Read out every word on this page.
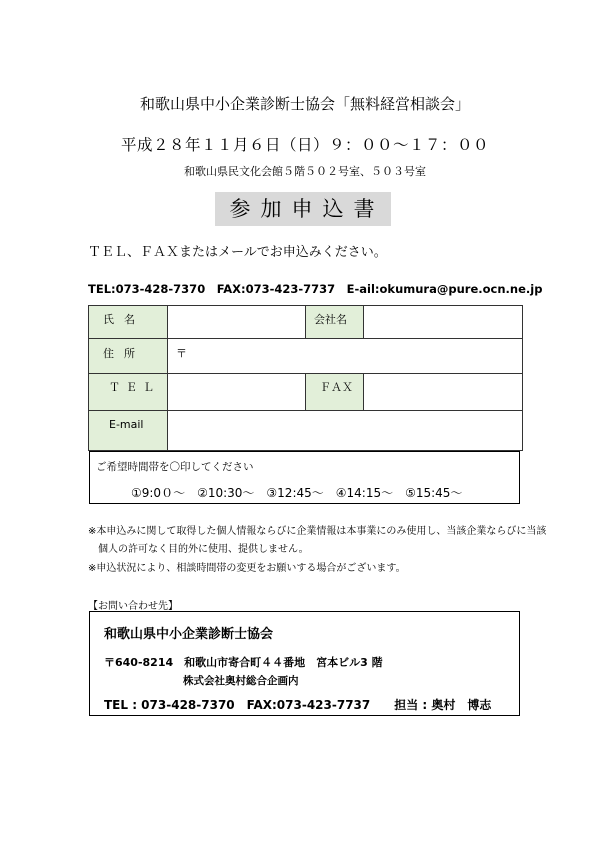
和歌山県中小企業診断士協会「無料経営相談会」
平成２８年１１月６日（日）９：００～１７：００
和歌山県民文化会館５階５０２号室、５０３号室
参加申込書
ＴＥＬ、ＦＡＸまたはメールでお申込みください。
TEL:073-428-7370　FAX:073-423-7737　E-ail:okumura@pure.ocn.ne.jp
氏名		会社名	
住所	〒		
ＴＥＬ		ＦＡＸ	
E-mail			
ご希望時間帯を〇印してください
①9:0０～　②10:30～　③12:45～　④14:15～　⑤15:45～
※本申込みに関して取得した個人情報ならびに企業情報は本事業にのみ使用し、当該企業ならびに当該
個人の許可なく目的外に使用、提供しません。
※申込状況により、相談時間帯の変更をお願いする場合がございます。
【お問い合わせ先】
和歌山県中小企業診断士協会
〒640-8214　和歌山市寄合町４４番地　宮本ビル3 階
株式会社奥村総合企画内
TEL : 073-428-7370　FAX:073-423-7737　　担当 : 奥村　博志
